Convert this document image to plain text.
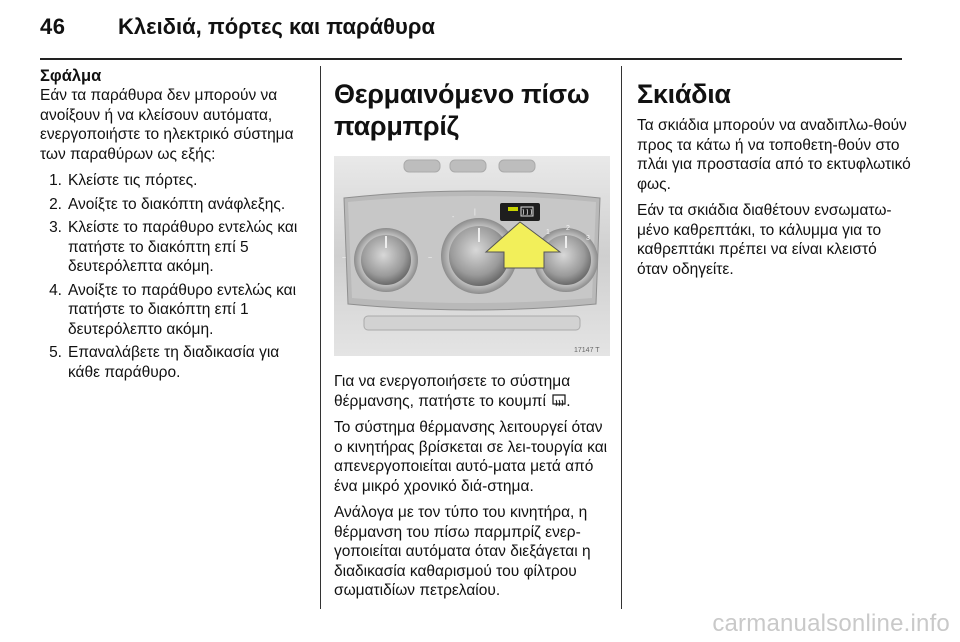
46 Κλειδιά, πόρτες και παράθυρα
Σφάλμα

Εάν τα παράθυρα δεν μπορούν να ανοίξουν ή να κλείσουν αυτόματα, ενεργοποιήστε το ηλεκτρικό σύστημα των παραθύρων ως εξής:

1. Κλείστε τις πόρτες.
2. Ανοίξτε το διακόπτη ανάφλεξης.
3. Κλείστε το παράθυρο εντελώς και πατήστε το διακόπτη επί 5 δευτερόλεπτα ακόμη.
4. Ανοίξτε το παράθυρο εντελώς και πατήστε το διακόπτη επί 1 δευτερόλεπτο ακόμη.
5. Επαναλάβετε τη διαδικασία για κάθε παράθυρο.
Θερμαινόμενο πίσω παρμπρίζ
-
|
1
2
3
~	~
17147 T

Για να ενεργοποιήσετε το σύστημα θέρμανσης, πατήστε το κουμπί .

Το σύστημα θέρμανσης λειτουργεί όταν ο κινητήρας βρίσκεται σε λει-τουργία και απενεργοποιείται αυτό-ματα μετά από ένα μικρό χρονικό διά-στημα.

Ανάλογα με τον τύπο του κινητήρα, η θέρμανση του πίσω παρμπρίζ ενερ-γοποιείται αυτόματα όταν διεξάγεται η διαδικασία καθαρισμού του φίλτρου σωματιδίων πετρελαίου.

Σκιάδια

Τα σκιάδια μπορούν να αναδιπλω-θούν προς τα κάτω ή να τοποθετη-θούν στο πλάι για προστασία από το εκτυφλωτικό φως.

Εάν τα σκιάδια διαθέτουν ενσωματω-μένο καθρεπτάκι, το κάλυμμα για το καθρεπτάκι πρέπει να είναι κλειστό όταν οδηγείτε.

carmanualsonline.info
